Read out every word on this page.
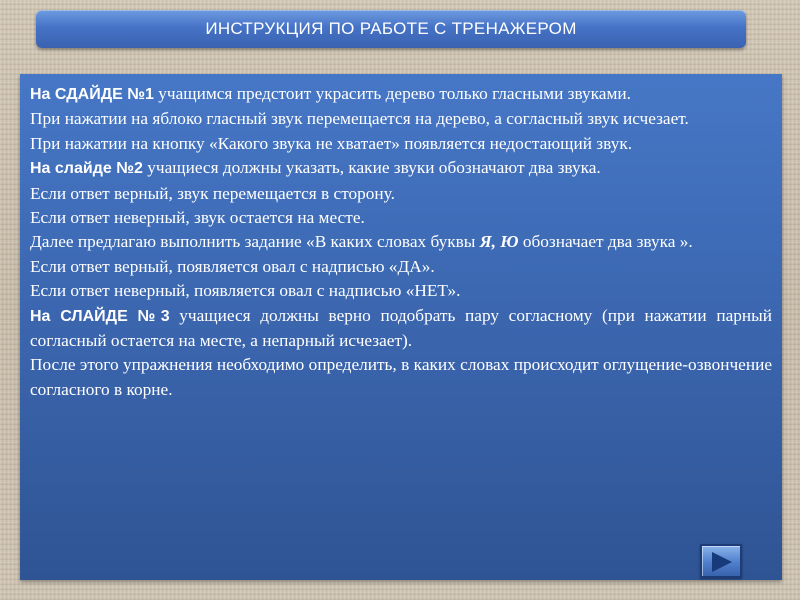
ИНСТРУКЦИЯ ПО РАБОТЕ С ТРЕНАЖЕРОМ

На СДАЙДЕ №1 учащимся предстоит украсить дерево только гласными звуками.

При нажатии на яблоко гласный звук перемещается на дерево, а согласный звук исчезает.

При нажатии на кнопку «Какого звука не хватает» появляется недостающий звук.

На слайде №2 учащиеся должны указать, какие звуки обозначают два звука.

Если ответ верный, звук перемещается в сторону.

Если ответ неверный, звук остается на месте.

Далее предлагаю выполнить задание «В каких словах буквы Я, Ю обозначает два звука ».

Если ответ верный, появляется овал с надписью «ДА».

Если ответ неверный, появляется овал с надписью «НЕТ».

На СЛАЙДЕ №3 учащиеся должны верно подобрать пару согласному (при нажатии парный согласный остается на месте, а непарный исчезает).

После этого упражнения необходимо определить, в каких словах происходит оглущение-озвончение согласного в корне.
